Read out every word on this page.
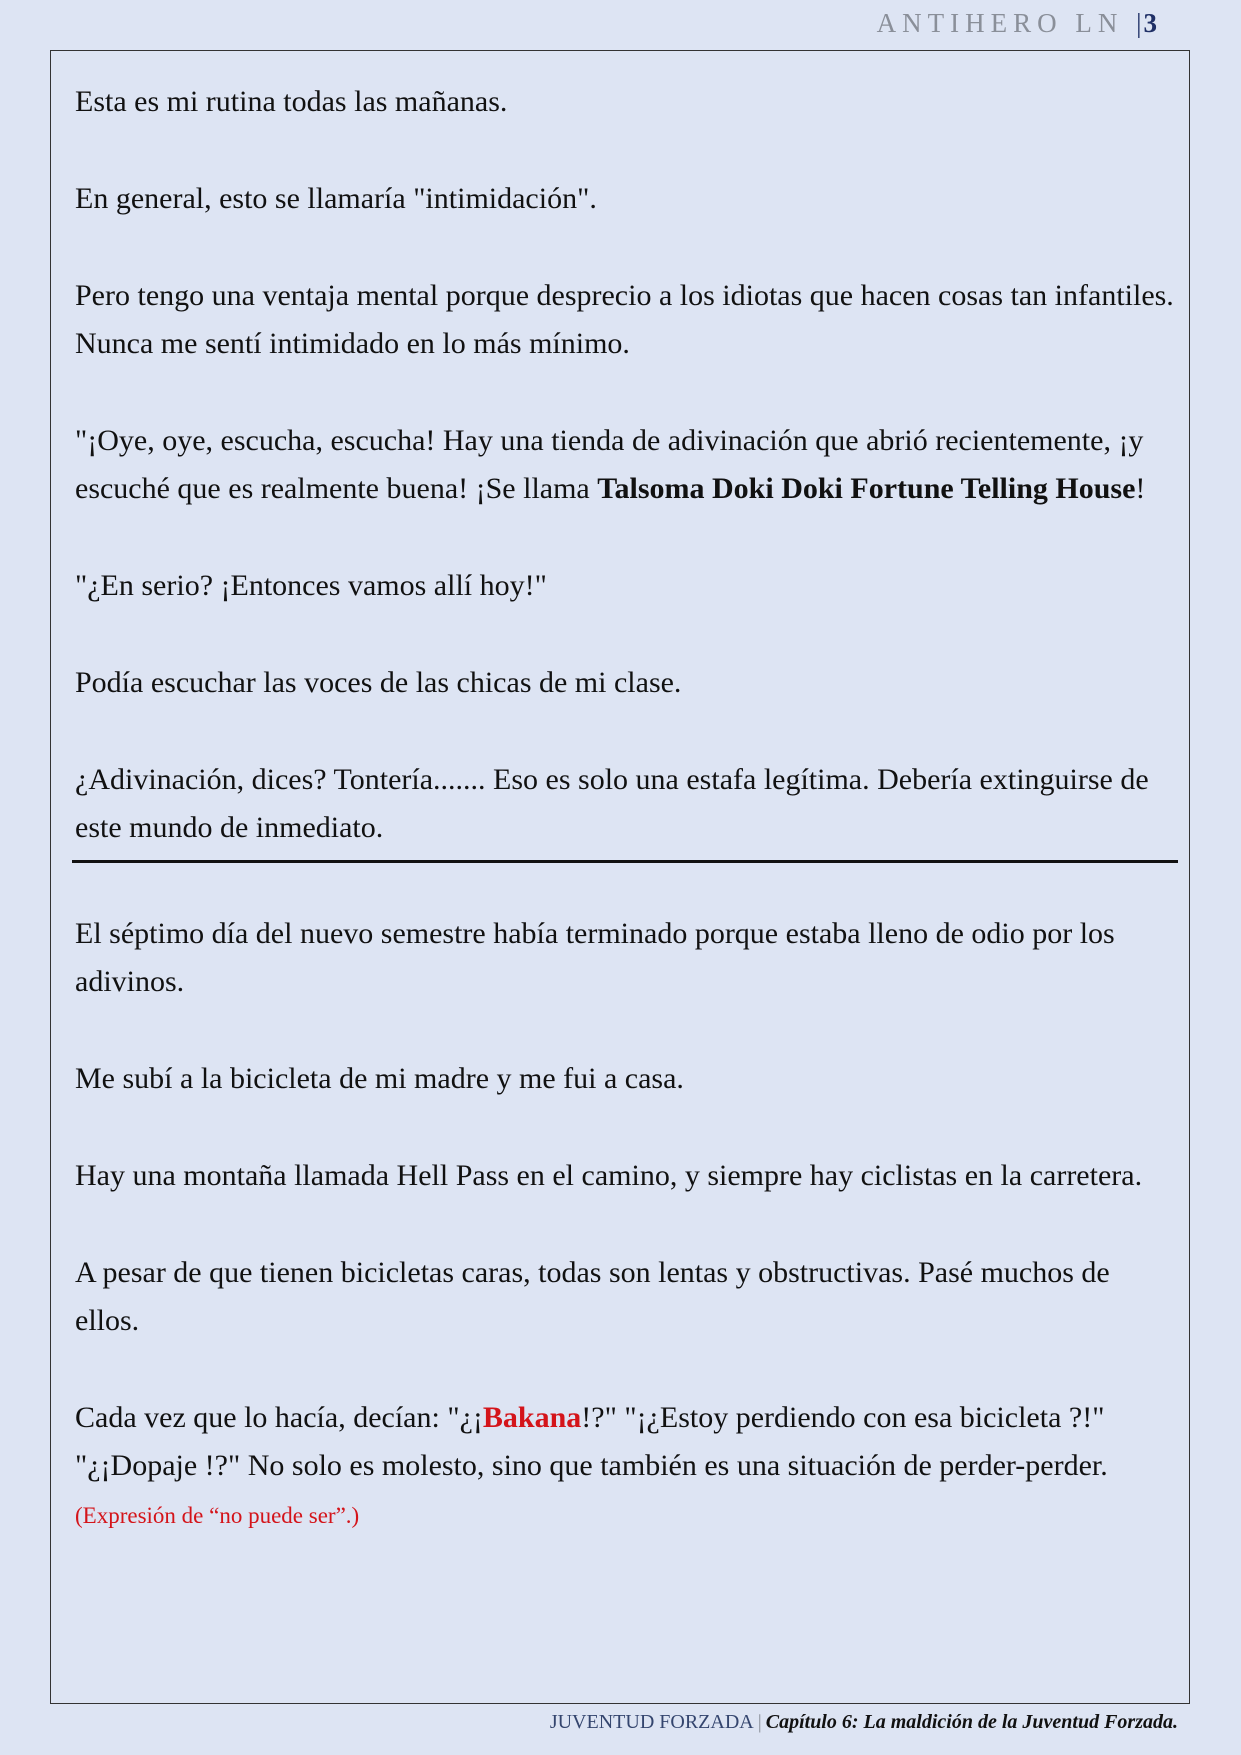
ANTIHERO LN |3

Esta es mi rutina todas las mañanas.

En general, esto se llamaría "intimidación".

Pero tengo una ventaja mental porque desprecio a los idiotas que hacen cosas tan infantiles. Nunca me sentí intimidado en lo más mínimo.

"¡Oye, oye, escucha, escucha! Hay una tienda de adivinación que abrió recientemente, ¡y escuché que es realmente buena! ¡Se llama Talsoma Doki Doki Fortune Telling House!

"¿En serio? ¡Entonces vamos allí hoy!"

Podía escuchar las voces de las chicas de mi clase.

¿Adivinación, dices? Tontería....... Eso es solo una estafa legítima. Debería extinguirse de este mundo de inmediato.

El séptimo día del nuevo semestre había terminado porque estaba lleno de odio por los adivinos.

Me subí a la bicicleta de mi madre y me fui a casa.

Hay una montaña llamada Hell Pass en el camino, y siempre hay ciclistas en la carretera.

A pesar de que tienen bicicletas caras, todas son lentas y obstructivas. Pasé muchos de ellos.

Cada vez que lo hacía, decían: "¿¡Bakana!?" "¡¿Estoy perdiendo con esa bicicleta ?!" "¿¡Dopaje !?" No solo es molesto, sino que también es una situación de perder-perder. (Expresión de “no puede ser”.)

JUVENTUD FORZADA | Capítulo 6: La maldición de la Juventud Forzada.
